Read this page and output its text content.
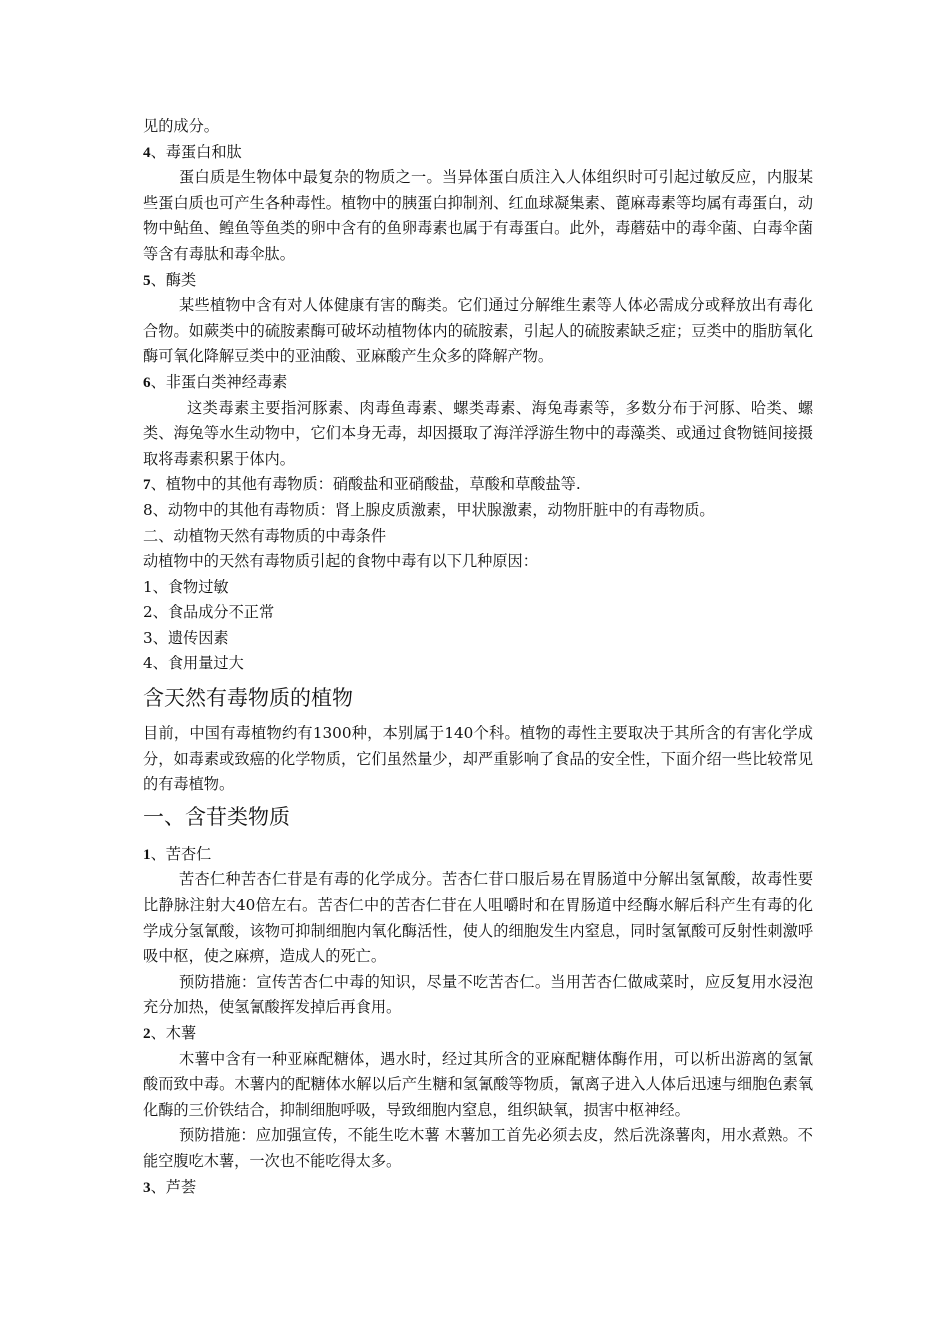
见的成分。

4、毒蛋白和肽

蛋白质是生物体中最复杂的物质之一。当异体蛋白质注入人体组织时可引起过敏反应，内服某些蛋白质也可产生各种毒性。植物中的胰蛋白抑制剂、红血球凝集素、蓖麻毒素等均属有毒蛋白，动物中鲇鱼、鳇鱼等鱼类的卵中含有的鱼卵毒素也属于有毒蛋白。此外，毒蘑菇中的毒伞菌、白毒伞菌等含有毒肽和毒伞肽。

5、酶类

某些植物中含有对人体健康有害的酶类。它们通过分解维生素等人体必需成分或释放出有毒化合物。如蕨类中的硫胺素酶可破坏动植物体内的硫胺素，引起人的硫胺素缺乏症；豆类中的脂肪氧化酶可氧化降解豆类中的亚油酸、亚麻酸产生众多的降解产物。

6、非蛋白类神经毒素

这类毒素主要指河豚素、肉毒鱼毒素、螺类毒素、海兔毒素等，多数分布于河豚、哈类、螺类、海兔等水生动物中，它们本身无毒，却因摄取了海洋浮游生物中的毒藻类、或通过食物链间接摄取将毒素积累于体内。

7、植物中的其他有毒物质：硝酸盐和亚硝酸盐，草酸和草酸盐等.

8、动物中的其他有毒物质：肾上腺皮质激素，甲状腺激素，动物肝脏中的有毒物质。

二、动植物天然有毒物质的中毒条件

动植物中的天然有毒物质引起的食物中毒有以下几种原因：

1、食物过敏

2、食品成分不正常

3、遗传因素

4、食用量过大

含天然有毒物质的植物

目前，中国有毒植物约有1300种，本别属于140个科。植物的毒性主要取决于其所含的有害化学成分，如毒素或致癌的化学物质，它们虽然量少，却严重影响了食品的安全性，下面介绍一些比较常见的有毒植物。

一、含苷类物质

1、苦杏仁

苦杏仁种苦杏仁苷是有毒的化学成分。苦杏仁苷口服后易在胃肠道中分解出氢氰酸，故毒性要比静脉注射大40倍左右。苦杏仁中的苦杏仁苷在人咀嚼时和在胃肠道中经酶水解后科产生有毒的化学成分氢氰酸，该物可抑制细胞内氧化酶活性，使人的细胞发生内窒息，同时氢氰酸可反射性刺激呼吸中枢，使之麻痹，造成人的死亡。

预防措施：宣传苦杏仁中毒的知识，尽量不吃苦杏仁。当用苦杏仁做咸菜时，应反复用水浸泡充分加热，使氢氰酸挥发掉后再食用。

2、木薯

木薯中含有一种亚麻配糖体，遇水时，经过其所含的亚麻配糖体酶作用，可以析出游离的氢氰酸而致中毒。木薯内的配糖体水解以后产生糖和氢氰酸等物质，氰离子进入人体后迅速与细胞色素氧化酶的三价铁结合，抑制细胞呼吸，导致细胞内窒息，组织缺氧，损害中枢神经。

预防措施：应加强宣传，不能生吃木薯 木薯加工首先必须去皮，然后洗涤薯肉，用水煮熟。不能空腹吃木薯，一次也不能吃得太多。

3、芦荟
